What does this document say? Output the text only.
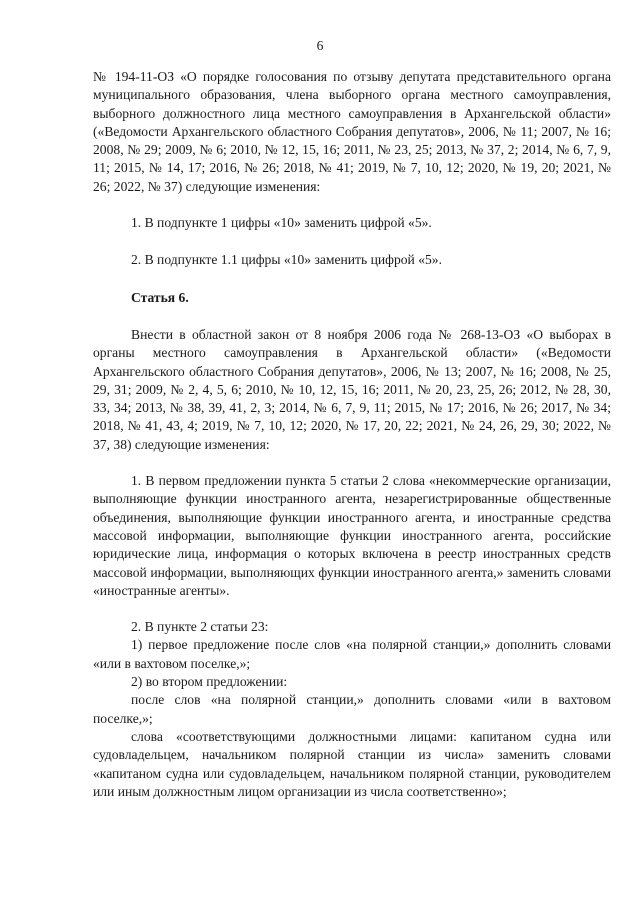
6

№ 194-11-ОЗ «О порядке голосования по отзыву депутата представительного органа муниципального образования, члена выборного органа местного самоуправления, выборного должностного лица местного самоуправления в Архангельской области» («Ведомости Архангельского областного Собрания депутатов», 2006, № 11; 2007, № 16; 2008, № 29; 2009, № 6; 2010, № 12, 15, 16; 2011, № 23, 25; 2013, № 37, 2; 2014, № 6, 7, 9, 11; 2015, № 14, 17; 2016, № 26; 2018, № 41; 2019, № 7, 10, 12; 2020, № 19, 20; 2021, № 26; 2022, № 37) следующие изменения:

1. В подпункте 1 цифры «10» заменить цифрой «5».

2. В подпункте 1.1 цифры «10» заменить цифрой «5».

Статья 6.

Внести в областной закон от 8 ноября 2006 года № 268-13-ОЗ «О выборах в органы местного самоуправления в Архангельской области» («Ведомости Архангельского областного Собрания депутатов», 2006, № 13; 2007, № 16; 2008, № 25, 29, 31; 2009, № 2, 4, 5, 6; 2010, № 10, 12, 15, 16; 2011, № 20, 23, 25, 26; 2012, № 28, 30, 33, 34; 2013, № 38, 39, 41, 2, 3; 2014, № 6, 7, 9, 11; 2015, № 17; 2016, № 26; 2017, № 34; 2018, № 41, 43, 4; 2019, № 7, 10, 12; 2020, № 17, 20, 22; 2021, № 24, 26, 29, 30; 2022, № 37, 38) следующие изменения:

1. В первом предложении пункта 5 статьи 2 слова «некоммерческие организации, выполняющие функции иностранного агента, незарегистрированные общественные объединения, выполняющие функции иностранного агента, и иностранные средства массовой информации, выполняющие функции иностранного агента, российские юридические лица, информация о которых включена в реестр иностранных средств массовой информации, выполняющих функции иностранного агента,» заменить словами «иностранные агенты».

2. В пункте 2 статьи 23:

1) первое предложение после слов «на полярной станции,» дополнить словами «или в вахтовом поселке,»;

2) во втором предложении:

после слов «на полярной станции,» дополнить словами «или в вахтовом поселке,»;

слова «соответствующими должностными лицами: капитаном судна или судовладельцем, начальником полярной станции из числа» заменить словами «капитаном судна или судовладельцем, начальником полярной станции, руководителем или иным должностным лицом организации из числа соответственно»;
